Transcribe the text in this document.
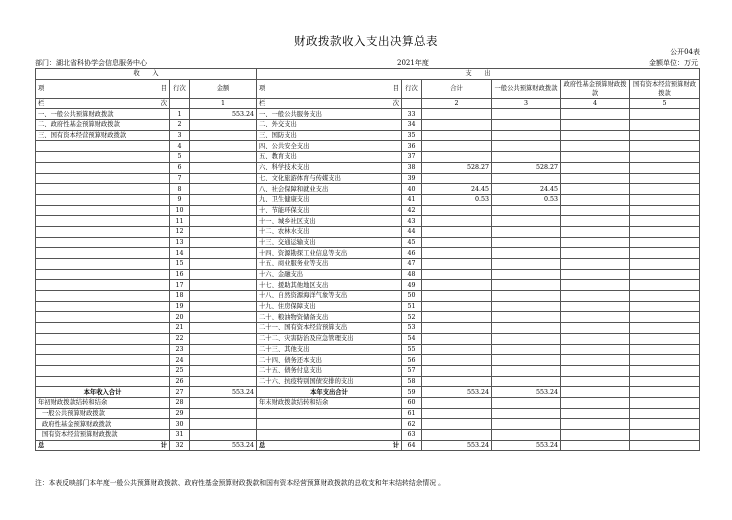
财政拨款收入支出决算总表
公开04表
部门：湖北省科协学会信息服务中心	2021年度	金额单位：万元
收　　入			支　　出					

项 目	行次	金额	项 目	行次	合计	一般公共预算财政拨款	政府性基金预算财政拨款	国有资本经营预算财政拨款

栏 次		1	栏 次		2	3	4	5
一、一般公共预算财政拨款	1	553.24	一、一般公共服务支出	33				
二、政府性基金预算财政拨款	2		二、外交支出	34				
三、国有资本经营预算财政拨款	3		三、国防支出	35				
	4		四、公共安全支出	36				
	5		五、教育支出	37				
	6		六、科学技术支出	38	528.27	528.27		
	7		七、文化旅游体育与传媒支出	39				
	8		八、社会保障和就业支出	40	24.45	24.45		
	9		九、卫生健康支出	41	0.53	0.53		
	10		十、节能环保支出	42				
	11		十一、城乡社区支出	43				
	12		十二、农林水支出	44				
	13		十三、交通运输支出	45				
	14		十四、资源勘探工业信息等支出	46				
	15		十五、商业服务业等支出	47				
	16		十六、金融支出	48				
	17		十七、援助其他地区支出	49				
	18		十八、自然资源海洋气象等支出	50				
	19		十九、住房保障支出	51				
	20		二十、粮油物资储备支出	52				
	21		二十一、国有资本经营预算支出	53				
	22		二十二、灾害防治及应急管理支出	54				
	23		二十三、其他支出	55				
	24		二十四、债务还本支出	56				
	25		二十五、债务付息支出	57				
	26		二十六、抗疫特别国债安排的支出	58				
本年收入合计	27	553.24	本年支出合计	59	553.24	553.24		
年初财政拨款结转和结余	28		年末财政拨款结转和结余	60				
一般公共预算财政拨款	29			61				
政府性基金预算财政拨款	30			62				
国有资本经营预算财政拨款	31			63				

总 计	32	553.24	总 计	64	553.24	553.24		
注：本表反映部门本年度一般公共预算财政拨款、政府性基金预算财政拨款和国有资本经营预算财政拨款的总收支和年末结转结余情况 。
